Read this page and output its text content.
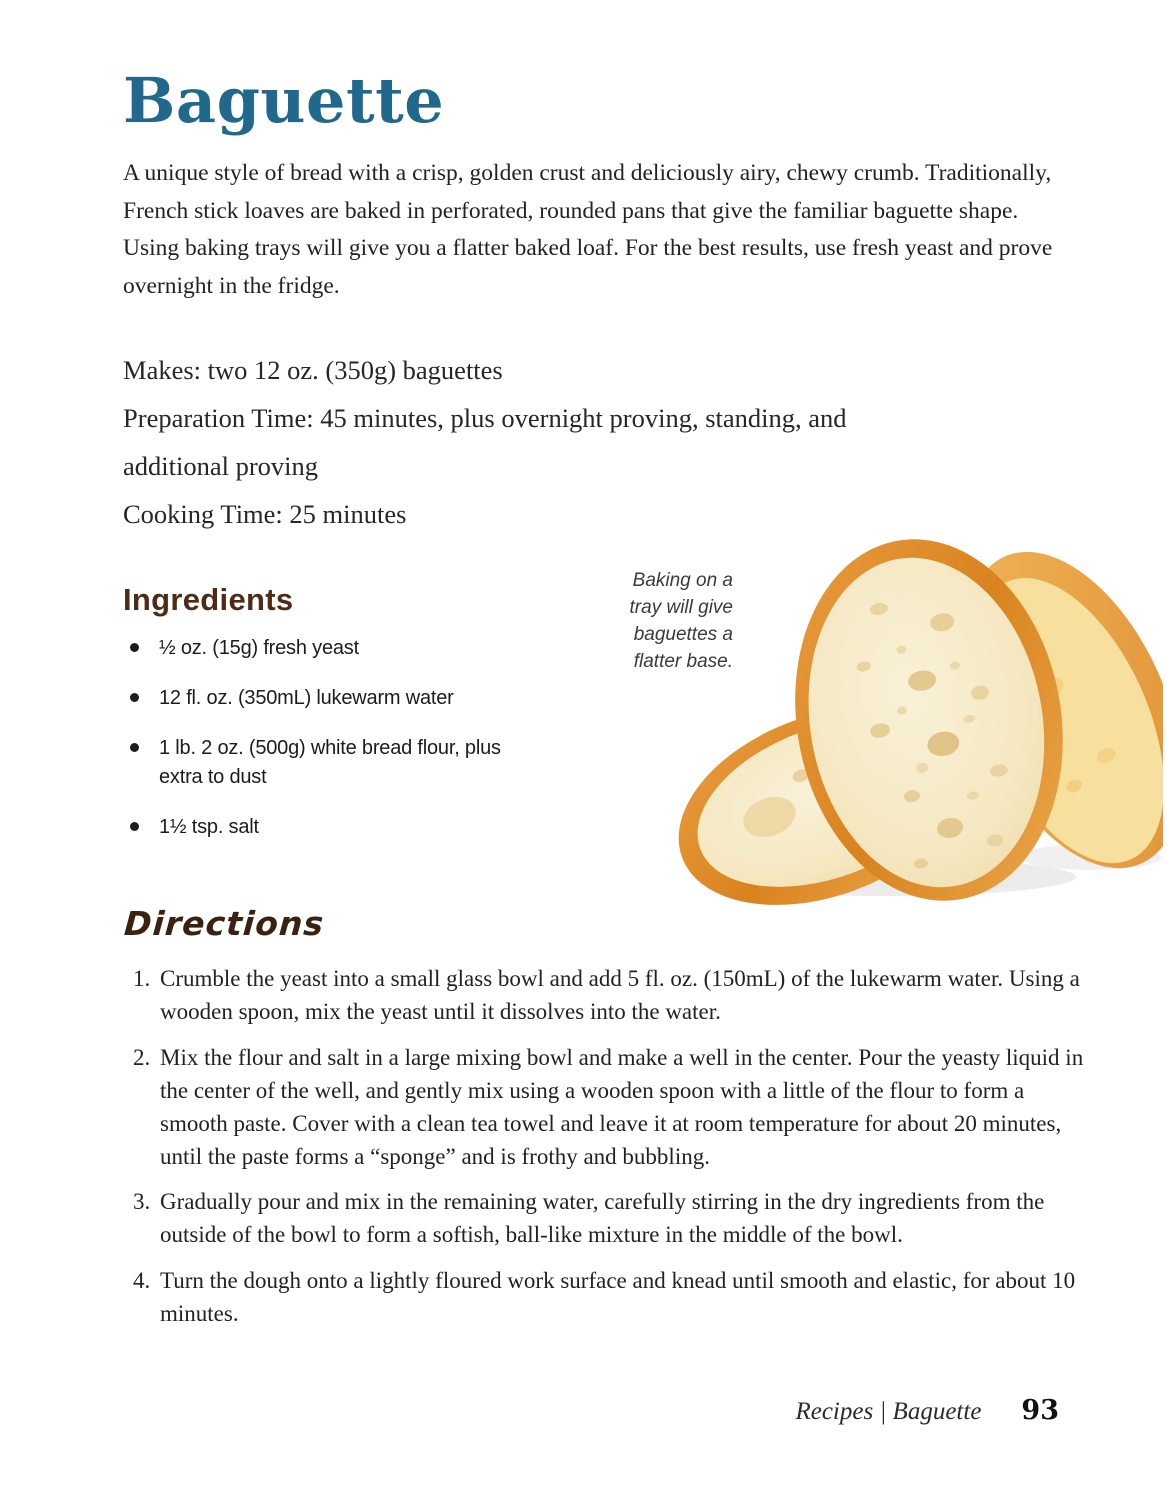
Baguette

A unique style of bread with a crisp, golden crust and deliciously airy, chewy crumb. Traditionally, French stick loaves are baked in perforated, rounded pans that give the familiar baguette shape. Using baking trays will give you a flatter baked loaf. For the best results, use fresh yeast and prove overnight in the fridge.

Makes: two 12 oz. (350g) baguettes

Preparation Time: 45 minutes, plus overnight proving, standing, and additional proving

Cooking Time: 25 minutes

Ingredients
½ oz. (15g) fresh yeast
12 fl. oz. (350mL) lukewarm water
1 lb. 2 oz. (500g) white bread flour, plus extra to dust
1½ tsp. salt
Baking on a
tray will give
baguettes a
flatter base.
Directions
1. Crumble the yeast into a small glass bowl and add 5 fl. oz. (150mL) of the lukewarm water. Using a wooden spoon, mix the yeast until it dissolves into the water.
2. Mix the flour and salt in a large mixing bowl and make a well in the center. Pour the yeasty liquid in the center of the well, and gently mix using a wooden spoon with a little of the flour to form a smooth paste. Cover with a clean tea towel and leave it at room temperature for about 20 minutes, until the paste forms a “sponge” and is frothy and bubbling.
3. Gradually pour and mix in the remaining water, carefully stirring in the dry ingredients from the outside of the bowl to form a softish, ball-like mixture in the middle of the bowl.
4. Turn the dough onto a lightly floured work surface and knead until smooth and elastic, for about 10 minutes.
Recipes | Baguette 93
